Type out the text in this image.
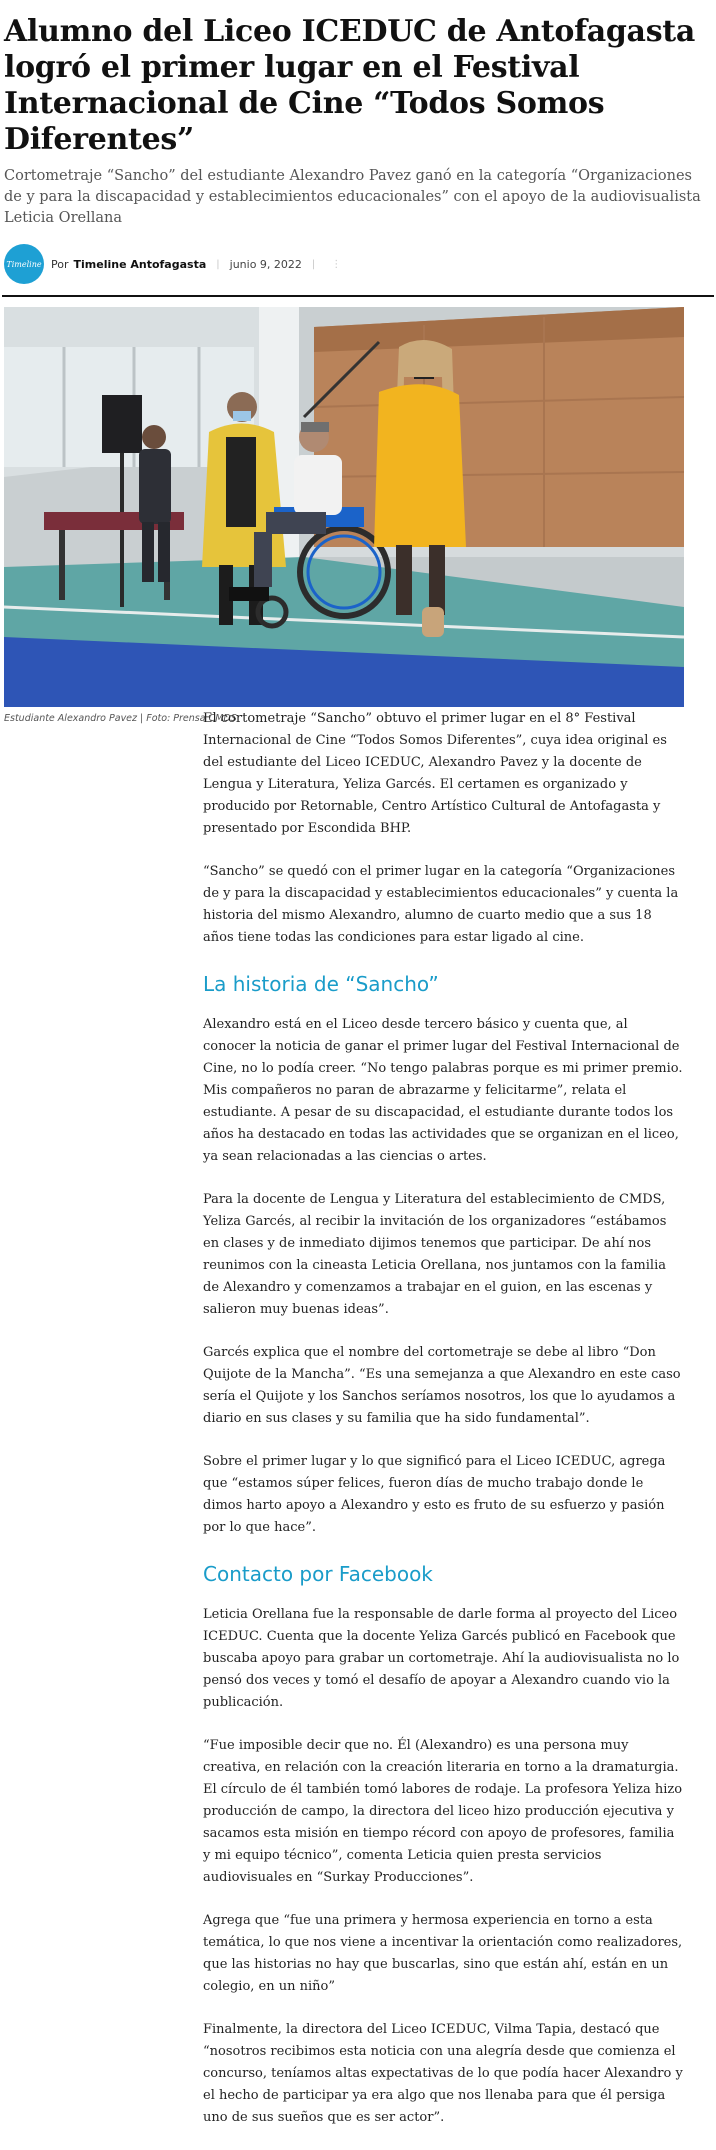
Alumno del Liceo ICEDUC de Antofagasta logró el primer lugar en el Festival Internacional de Cine “Todos Somos Diferentes”

Cortometraje “Sancho” del estudiante Alexandro Pavez ganó en la categoría “Organizaciones de y para la discapacidad y establecimientos educacionales” con el apoyo de la audiovisualista Leticia Orellana

Timeline Por Timeline Antofagasta | junio 9, 2022 | ⋮
Estudiante Alexandro Pavez | Foto: Prensa CMDS

El cortometraje “Sancho” obtuvo el primer lugar en el 8° Festival Internacional de Cine “Todos Somos Diferentes”, cuya idea original es del estudiante del Liceo ICEDUC, Alexandro Pavez y la docente de Lengua y Literatura, Yeliza Garcés. El certamen es organizado y producido por Retornable, Centro Artístico Cultural de Antofagasta y presentado por Escondida BHP.

“Sancho” se quedó con el primer lugar en la categoría “Organizaciones de y para la discapacidad y establecimientos educacionales” y cuenta la historia del mismo Alexandro, alumno de cuarto medio que a sus 18 años tiene todas las condiciones para estar ligado al cine.

La historia de “Sancho”

Alexandro está en el Liceo desde tercero básico y cuenta que, al conocer la noticia de ganar el primer lugar del Festival Internacional de Cine, no lo podía creer. “No tengo palabras porque es mi primer premio. Mis compañeros no paran de abrazarme y felicitarme”, relata el estudiante. A pesar de su discapacidad, el estudiante durante todos los años ha destacado en todas las actividades que se organizan en el liceo, ya sean relacionadas a las ciencias o artes.

Para la docente de Lengua y Literatura del establecimiento de CMDS, Yeliza Garcés, al recibir la invitación de los organizadores “estábamos en clases y de inmediato dijimos tenemos que participar. De ahí nos reunimos con la cineasta Leticia Orellana, nos juntamos con la familia de Alexandro y comenzamos a trabajar en el guion, en las escenas y salieron muy buenas ideas”.

Garcés explica que el nombre del cortometraje se debe al libro “Don Quijote de la Mancha”. “Es una semejanza a que Alexandro en este caso sería el Quijote y los Sanchos seríamos nosotros, los que lo ayudamos a diario en sus clases y su familia que ha sido fundamental”.

Sobre el primer lugar y lo que significó para el Liceo ICEDUC, agrega que “estamos súper felices, fueron días de mucho trabajo donde le dimos harto apoyo a Alexandro y esto es fruto de su esfuerzo y pasión por lo que hace”.

Contacto por Facebook

Leticia Orellana fue la responsable de darle forma al proyecto del Liceo ICEDUC. Cuenta que la docente Yeliza Garcés publicó en Facebook que buscaba apoyo para grabar un cortometraje. Ahí la audiovisualista no lo pensó dos veces y tomó el desafío de apoyar a Alexandro cuando vio la publicación.

“Fue imposible decir que no. Él (Alexandro) es una persona muy creativa, en relación con la creación literaria en torno a la dramaturgia. El círculo de él también tomó labores de rodaje. La profesora Yeliza hizo producción de campo, la directora del liceo hizo producción ejecutiva y sacamos esta misión en tiempo récord con apoyo de profesores, familia y mi equipo técnico”, comenta Leticia quien presta servicios audiovisuales en “Surkay Producciones”.

Agrega que “fue una primera y hermosa experiencia en torno a esta temática, lo que nos viene a incentivar la orientación como realizadores, que las historias no hay que buscarlas, sino que están ahí, están en un colegio, en un niño”

Finalmente, la directora del Liceo ICEDUC, Vilma Tapia, destacó que “nosotros recibimos esta noticia con una alegría desde que comienza el concurso, teníamos altas expectativas de lo que podía hacer Alexandro y el hecho de participar ya era algo que nos llenaba para que él persiga uno de sus sueños que es ser actor”.
